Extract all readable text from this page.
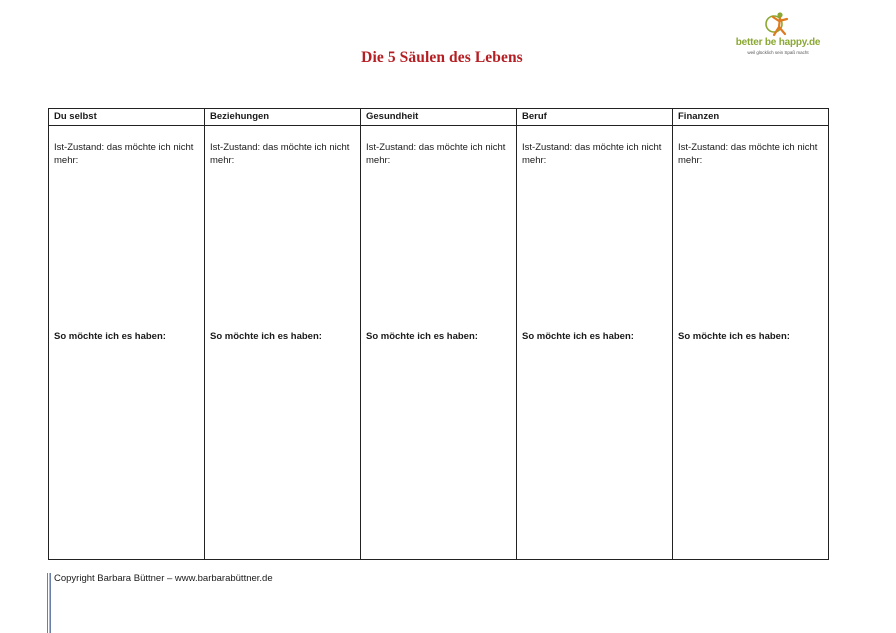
Die 5 Säulen des Lebens
better be happy.de
weil glücklich sein Spaß macht
Du selbst
Ist-Zustand: das möchte ich nicht mehr:
So möchte ich es haben:
Beziehungen
Ist-Zustand: das möchte ich nicht mehr:
So möchte ich es haben:
Gesundheit
Ist-Zustand: das möchte ich nicht mehr:
So möchte ich es haben:
Beruf
Ist-Zustand: das möchte ich nicht mehr:
So möchte ich es haben:
Finanzen
Ist-Zustand: das möchte ich nicht mehr:
So möchte ich es haben:
Copyright Barbara Büttner – www.barbarabüttner.de
